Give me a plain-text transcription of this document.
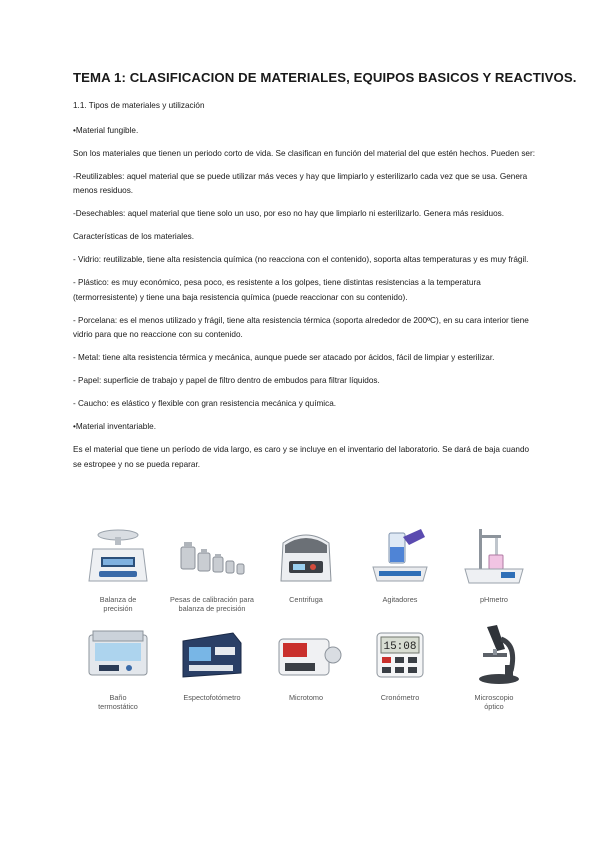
TEMA 1: CLASIFICACION DE MATERIALES, EQUIPOS BASICOS Y REACTIVOS.

1.1. Tipos de materiales y utilización

•Material fungible.

Son los materiales que tienen un periodo corto de vida. Se clasifican en función del material del que estén hechos. Pueden ser:

-Reutilizables: aquel material que se puede utilizar más veces y hay que limpiarlo y esterilizarlo cada vez que se usa. Genera menos residuos.

-Desechables: aquel material que tiene solo un uso, por eso no hay que limpiarlo ni esterilizarlo. Genera más residuos.

Características de los materiales.

- Vidrio: reutilizable, tiene alta resistencia química (no reacciona con el contenido), soporta altas temperaturas y es muy frágil.

- Plástico: es muy económico, pesa poco, es resistente a los golpes, tiene distintas resistencias a la temperatura (termorresistente) y tiene una baja resistencia química (puede reaccionar con su contenido).

- Porcelana: es el menos utilizado y frágil, tiene alta resistencia térmica (soporta alrededor de 200ºC), en su cara interior tiene vidrio para que no reaccione con su contenido.

- Metal: tiene alta resistencia térmica y mecánica, aunque puede ser atacado por ácidos, fácil de limpiar y esterilizar.

- Papel: superficie de trabajo y papel de filtro dentro de embudos para filtrar líquidos.

- Caucho: es elástico y flexible con gran resistencia mecánica y química.

•Material inventariable.

Es el material que tiene un período de vida largo, es caro y se incluye en el inventario del laboratorio. Se dará de baja cuando se estropee y no se pueda reparar.

Balanza de
precisión
Pesas de calibración para
balanza de precisión
Centrifuga	Agitadores	pHmetro
Baño
termostático
Espectofotómetro	Microtomo
15:08
Cronómetro	Microscopio
óptico
